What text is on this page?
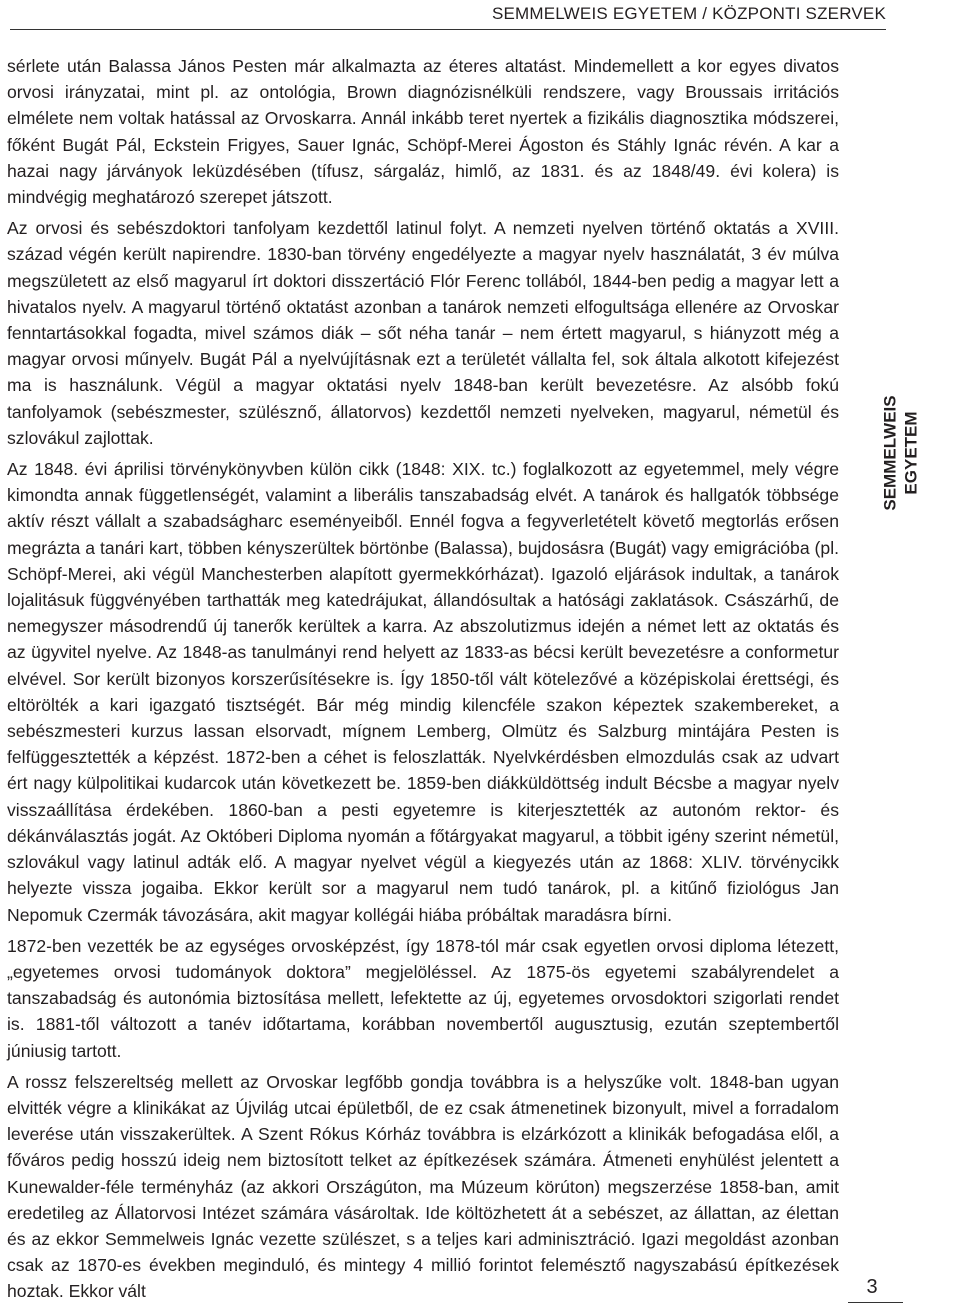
SEMMELWEIS EGYETEM / KÖZPONTI SZERVEK

sérlete után Balassa János Pesten már alkalmazta az éteres altatást. Mindemellett a kor egyes divatos orvosi irányzatai, mint pl. az ontológia, Brown diagnózisnélküli rendszere, vagy Broussais irritációs elmélete nem voltak hatással az Orvoskarra. Annál inkább teret nyertek a fizikális diagnosztika módszerei, főként Bugát Pál, Eckstein Frigyes, Sauer Ignác, Schöpf-Merei Ágoston és Stáhly Ignác révén. A kar a hazai nagy járványok leküzdésében (tífusz, sárgaláz, himlő, az 1831. és az 1848/49. évi kolera) is mindvégig meghatározó szerepet játszott.

Az orvosi és sebészdoktori tanfolyam kezdettől latinul folyt. A nemzeti nyelven történő oktatás a XVIII. század végén került napirendre. 1830-ban törvény engedélyezte a magyar nyelv használatát, 3 év múlva megszületett az első magyarul írt doktori disszertáció Flór Ferenc tollából, 1844-ben pedig a magyar lett a hivatalos nyelv. A magyarul történő oktatást azonban a tanárok nemzeti elfogultsága ellenére az Orvoskar fenntartásokkal fogadta, mivel számos diák – sőt néha tanár – nem értett magyarul, s hiányzott még a magyar orvosi műnyelv. Bugát Pál a nyelvújításnak ezt a területét vállalta fel, sok általa alkotott kifejezést ma is használunk. Végül a magyar oktatási nyelv 1848-ban került bevezetésre. Az alsóbb fokú tanfolyamok (sebészmester, szülésznő, állatorvos) kezdettől nemzeti nyelveken, magyarul, németül és szlovákul zajlottak.

Az 1848. évi áprilisi törvénykönyvben külön cikk (1848: XIX. tc.) foglalkozott az egyetemmel, mely végre kimondta annak függetlenségét, valamint a liberális tanszabadság elvét. A tanárok és hallgatók többsége aktív részt vállalt a szabadságharc eseményeiből. Ennél fogva a fegyverletételt követő megtorlás erősen megrázta a tanári kart, többen kényszerültek börtönbe (Balassa), bujdosásra (Bugát) vagy emigrációba (pl. Schöpf-Merei, aki végül Manchesterben alapított gyermekkórházat). Igazoló eljárások indultak, a tanárok lojalitásuk függvényében tarthatták meg katedrájukat, állandósultak a hatósági zaklatások. Császárhű, de nemegyszer másodrendű új tanerők kerültek a karra. Az abszolutizmus idején a német lett az oktatás és az ügyvitel nyelve. Az 1848-as tanulmányi rend helyett az 1833-as bécsi került bevezetésre a conformetur elvével. Sor került bizonyos korszerűsítésekre is. Így 1850-től vált kötelezővé a középiskolai érettségi, és eltörölték a kari igazgató tisztségét. Bár még mindig kilencféle szakon képeztek szakembereket, a sebészmesteri kurzus lassan elsorvadt, mígnem Lemberg, Olmütz és Salzburg mintájára Pesten is felfüggesztették a képzést. 1872-ben a céhet is feloszlatták. Nyelvkérdésben elmozdulás csak az udvart ért nagy külpolitikai kudarcok után következett be. 1859-ben diákküldöttség indult Bécsbe a magyar nyelv visszaállítása érdekében. 1860-ban a pesti egyetemre is kiterjesztették az autonóm rektor- és dékánválasztás jogát. Az Októberi Diploma nyomán a főtárgyakat magyarul, a többit igény szerint németül, szlovákul vagy latinul adták elő. A magyar nyelvet végül a kiegyezés után az 1868: XLIV. törvénycikk helyezte vissza jogaiba. Ekkor került sor a magyarul nem tudó tanárok, pl. a kitűnő fiziológus Jan Nepomuk Czermák távozására, akit magyar kollégái hiába próbáltak maradásra bírni.

1872-ben vezették be az egységes orvosképzést, így 1878-tól már csak egyetlen orvosi diploma létezett, „egyetemes orvosi tudományok doktora” megjelöléssel. Az 1875-ös egyetemi szabályrendelet a tanszabadság és autonómia biztosítása mellett, lefektette az új, egyetemes orvosdoktori szigorlati rendet is. 1881-től változott a tanév időtartama, korábban novembertől augusztusig, ezután szeptembertől júniusig tartott.

A rossz felszereltség mellett az Orvoskar legfőbb gondja továbbra is a helyszűke volt. 1848-ban ugyan elvitték végre a klinikákat az Újvilág utcai épületből, de ez csak átmenetinek bizonyult, mivel a forradalom leverése után visszakerültek. A Szent Rókus Kórház továbbra is elzárkózott a klinikák befogadása elől, a főváros pedig hosszú ideig nem biztosított telket az építkezések számára. Átmeneti enyhülést jelentett a Kunewalder-féle terményház (az akkori Országúton, ma Múzeum körúton) megszerzése 1858-ban, amit eredetileg az Állatorvosi Intézet számára vásároltak. Ide költözhetett át a sebészet, az állattan, az élettan és az ekkor Semmelweis Ignác vezette szülészet, s a teljes kari adminisztráció. Igazi megoldást azonban csak az 1870-es években meginduló, és mintegy 4 millió forintot felemésztő nagyszabású építkezések hoztak. Ekkor vált

SEMMELWEIS EGYETEM
3
